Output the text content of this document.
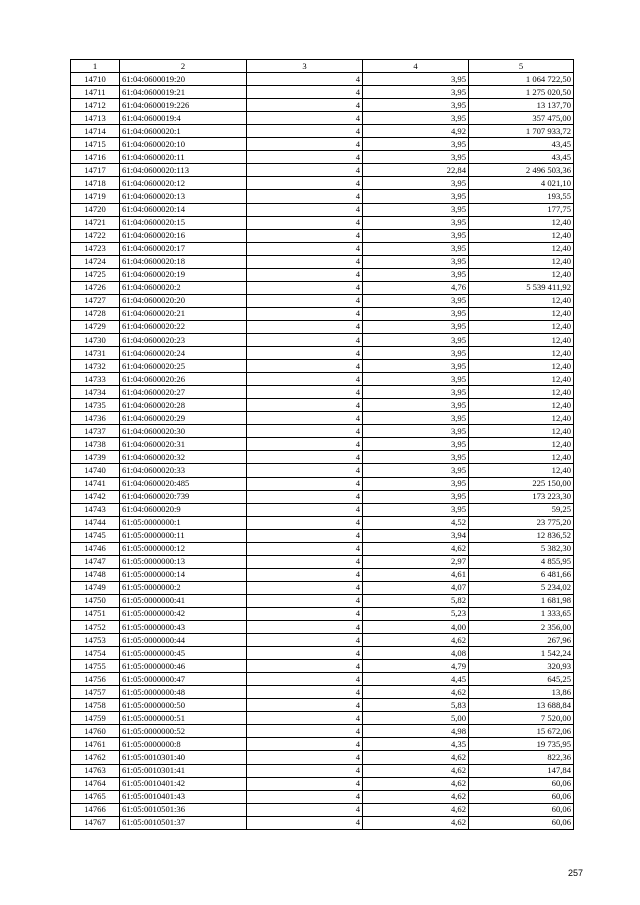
1	2	3	4	5
14710	61:04:0600019:20	4	3,95	1 064 722,50
14711	61:04:0600019:21	4	3,95	1 275 020,50
14712	61:04:0600019:226	4	3,95	13 137,70
14713	61:04:0600019:4	4	3,95	357 475,00
14714	61:04:0600020:1	4	4,92	1 707 933,72
14715	61:04:0600020:10	4	3,95	43,45
14716	61:04:0600020:11	4	3,95	43,45
14717	61:04:0600020:113	4	22,84	2 496 503,36
14718	61:04:0600020:12	4	3,95	4 021,10
14719	61:04:0600020:13	4	3,95	193,55
14720	61:04:0600020:14	4	3,95	177,75
14721	61:04:0600020:15	4	3,95	12,40
14722	61:04:0600020:16	4	3,95	12,40
14723	61:04:0600020:17	4	3,95	12,40
14724	61:04:0600020:18	4	3,95	12,40
14725	61:04:0600020:19	4	3,95	12,40
14726	61:04:0600020:2	4	4,76	5 539 411,92
14727	61:04:0600020:20	4	3,95	12,40
14728	61:04:0600020:21	4	3,95	12,40
14729	61:04:0600020:22	4	3,95	12,40
14730	61:04:0600020:23	4	3,95	12,40
14731	61:04:0600020:24	4	3,95	12,40
14732	61:04:0600020:25	4	3,95	12,40
14733	61:04:0600020:26	4	3,95	12,40
14734	61:04:0600020:27	4	3,95	12,40
14735	61:04:0600020:28	4	3,95	12,40
14736	61:04:0600020:29	4	3,95	12,40
14737	61:04:0600020:30	4	3,95	12,40
14738	61:04:0600020:31	4	3,95	12,40
14739	61:04:0600020:32	4	3,95	12,40
14740	61:04:0600020:33	4	3,95	12,40
14741	61:04:0600020:485	4	3,95	225 150,00
14742	61:04:0600020:739	4	3,95	173 223,30
14743	61:04:0600020:9	4	3,95	59,25
14744	61:05:0000000:1	4	4,52	23 775,20
14745	61:05:0000000:11	4	3,94	12 836,52
14746	61:05:0000000:12	4	4,62	5 382,30
14747	61:05:0000000:13	4	2,97	4 855,95
14748	61:05:0000000:14	4	4,61	6 481,66
14749	61:05:0000000:2	4	4,07	5 234,02
14750	61:05:0000000:41	4	5,82	1 681,98
14751	61:05:0000000:42	4	5,23	1 333,65
14752	61:05:0000000:43	4	4,00	2 356,00
14753	61:05:0000000:44	4	4,62	267,96
14754	61:05:0000000:45	4	4,08	1 542,24
14755	61:05:0000000:46	4	4,79	320,93
14756	61:05:0000000:47	4	4,45	645,25
14757	61:05:0000000:48	4	4,62	13,86
14758	61:05:0000000:50	4	5,83	13 688,84
14759	61:05:0000000:51	4	5,00	7 520,00
14760	61:05:0000000:52	4	4,98	15 672,06
14761	61:05:0000000:8	4	4,35	19 735,95
14762	61:05:0010301:40	4	4,62	822,36
14763	61:05:0010301:41	4	4,62	147,84
14764	61:05:0010401:42	4	4,62	60,06
14765	61:05:0010401:43	4	4,62	60,06
14766	61:05:0010501:36	4	4,62	60,06
14767	61:05:0010501:37	4	4,62	60,06
257
